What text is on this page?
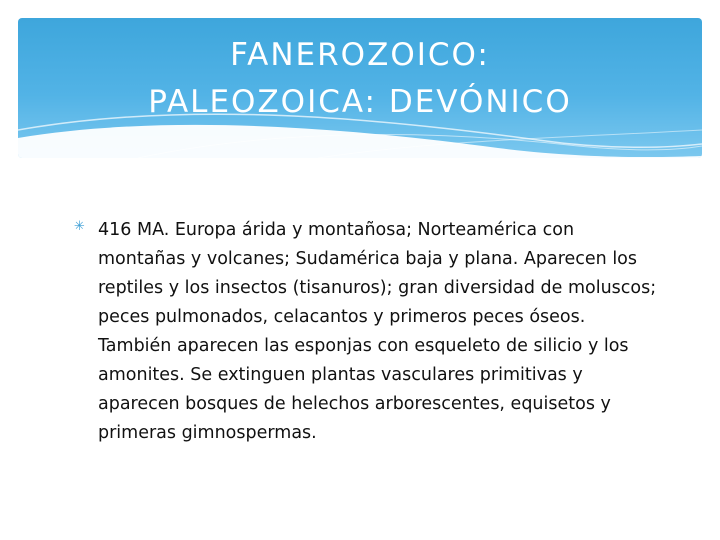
FANEROZOICO:
PALEOZOICA: DEVÓNICO
✳ 416 MA. Europa árida y montañosa; Norteamérica con montañas y volcanes; Sudamérica baja y plana. Aparecen los reptiles y los insectos (tisanuros); gran diversidad de moluscos; peces pulmonados, celacantos y primeros peces óseos. También aparecen las esponjas con esqueleto de silicio y los amonites. Se extinguen plantas vasculares primitivas y aparecen bosques de helechos arborescentes, equisetos y primeras gimnospermas.
